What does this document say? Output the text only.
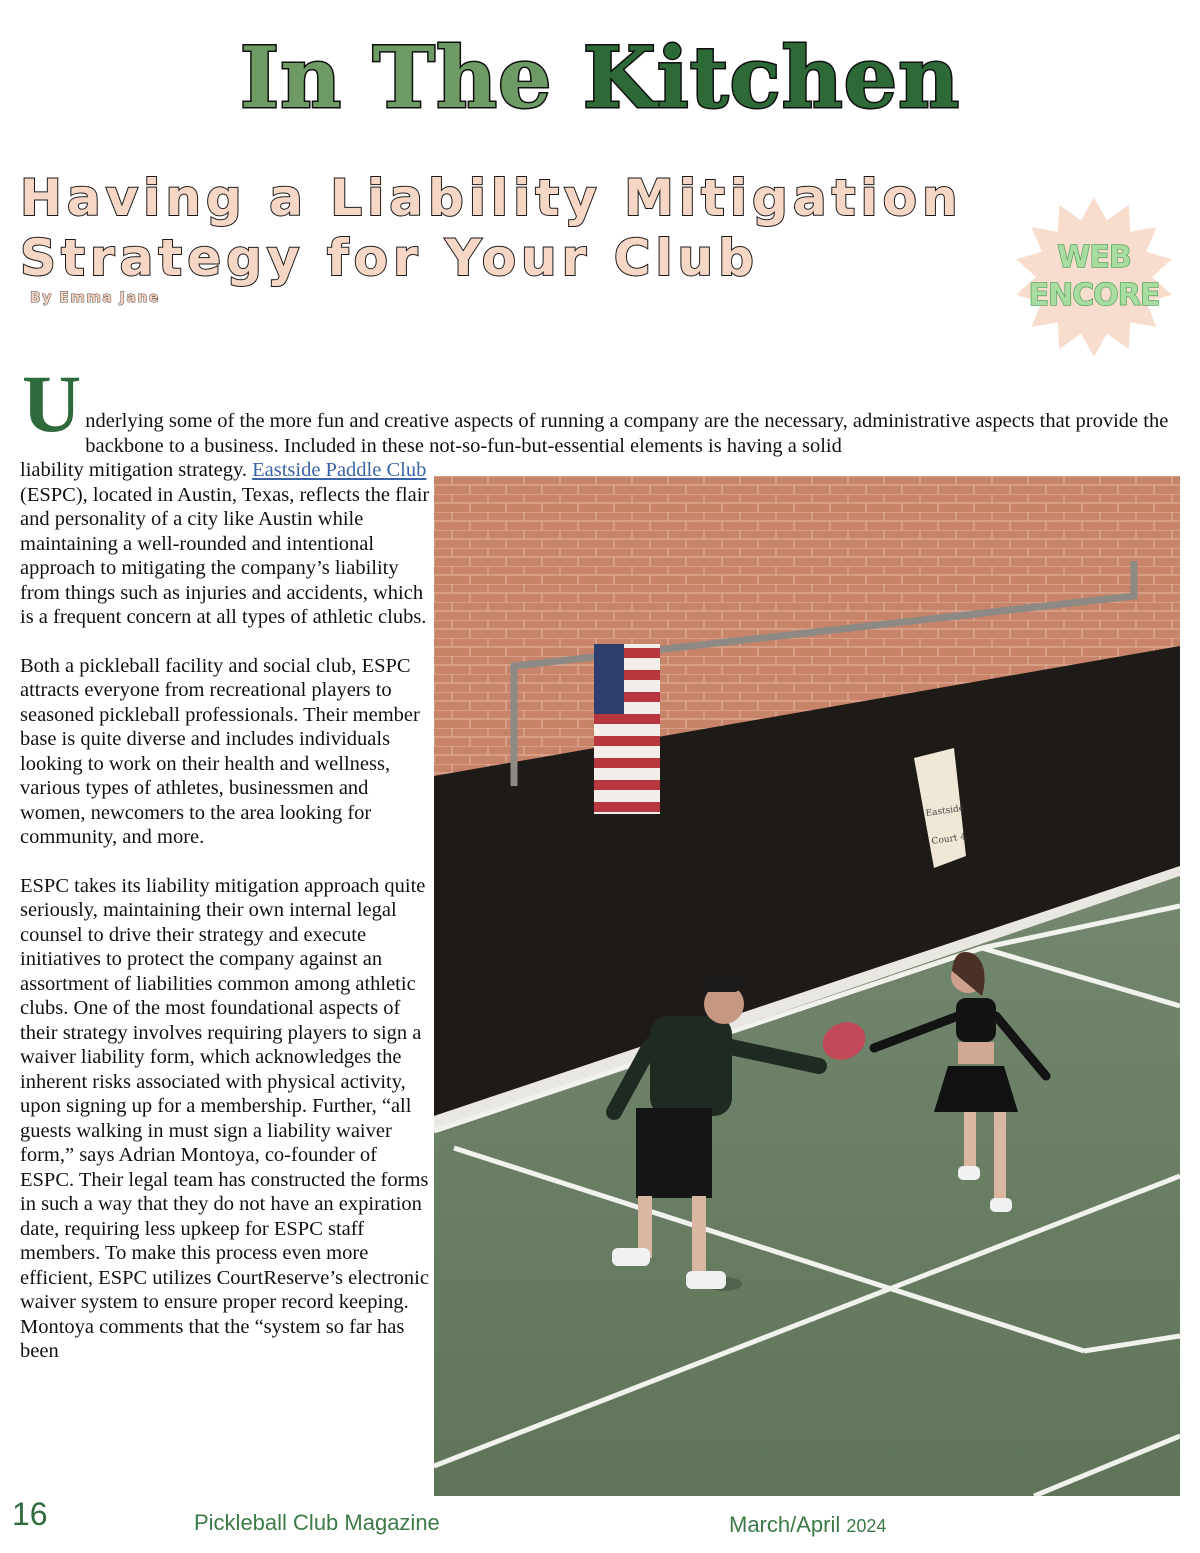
In The Kitchen
Having a Liability Mitigation Strategy for Your Club
By Emma Jane
WEB
ENCORE

U nderlying some of the more fun and creative aspects of running a company are the necessary, administrative aspects that provide the backbone to a business. Included in these not-so-fun-but-essential elements is having a solid

liability mitigation strategy. Eastside Paddle Club (ESPC), located in Austin, Texas, reflects the flair and personality of a city like Austin while maintaining a well-rounded and intentional approach to mitigating the company’s liability from things such as injuries and accidents, which is a frequent concern at all types of athletic clubs.

Both a pickleball facility and social club, ESPC attracts everyone from recreational players to seasoned pickleball professionals. Their member base is quite diverse and includes individuals looking to work on their health and wellness, various types of athletes, businessmen and women, newcomers to the area looking for community, and more.

ESPC takes its liability mitigation approach quite seriously, maintaining their own internal legal counsel to drive their strategy and execute initiatives to protect the company against an assortment of liabilities common among athletic clubs. One of the most foundational aspects of their strategy involves requiring players to sign a waiver liability form, which acknowledges the inherent risks associated with physical activity, upon signing up for a membership. Further, “all guests walking in must sign a liability waiver form,” says Adrian Montoya, co-founder of ESPC. Their legal team has constructed the forms in such a way that they do not have an expiration date, requiring less upkeep for ESPC staff members. To make this process even more efficient, ESPC utilizes CourtReserve’s electronic waiver system to ensure proper record keeping. Montoya comments that the “system so far has been

Eastside
Court 4
16	Pickleball Club Magazine	March/April 2024
